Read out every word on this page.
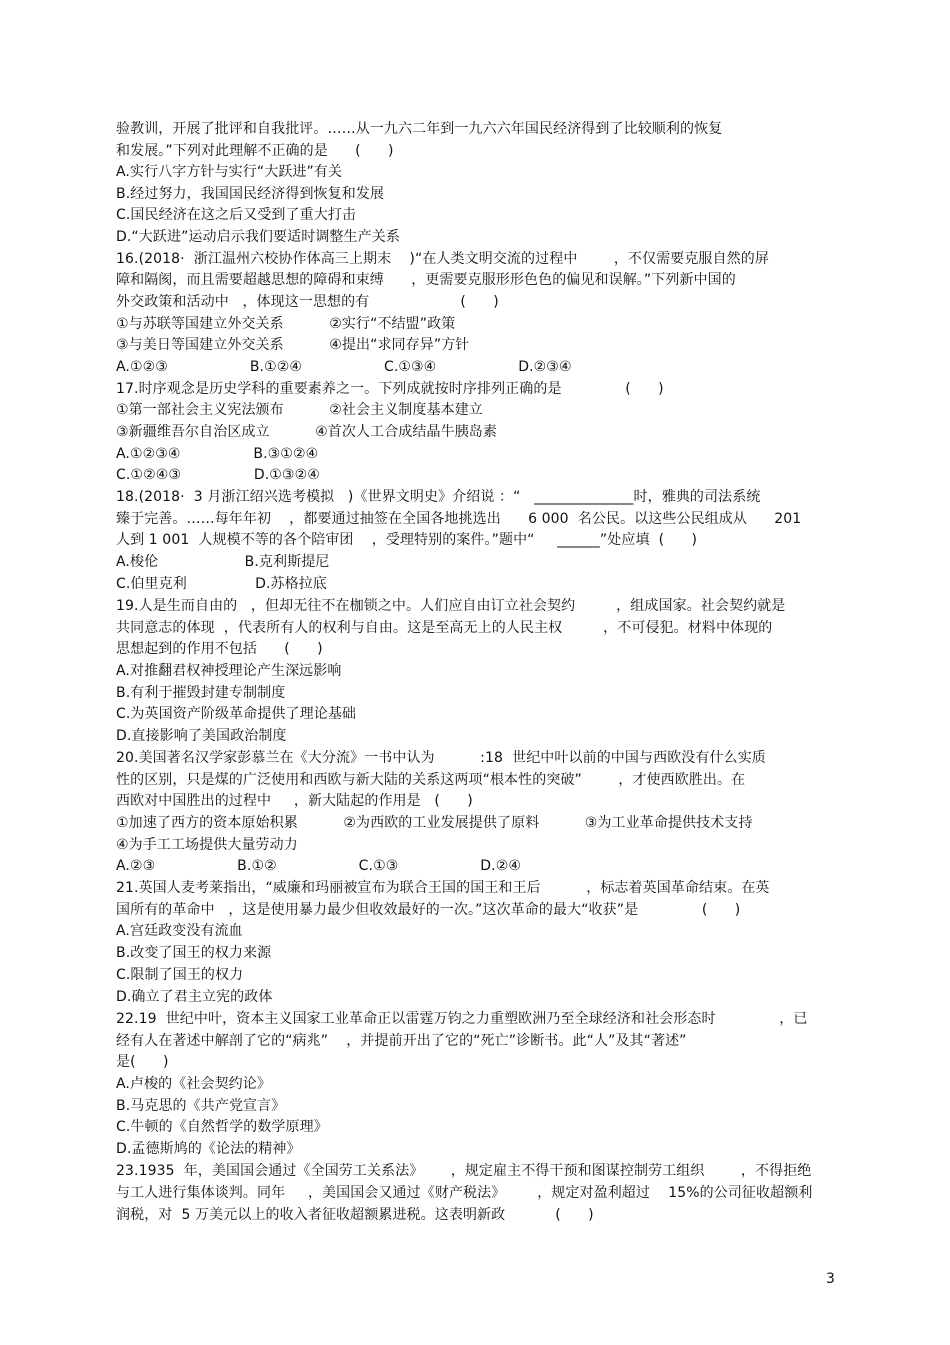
验教训，开展了批评和自我批评。……从一九六二年到一九六六年国民经济得到了比较顺利的恢复
和发展。”下列对此理解不正确的是      (      )
A.实行八字方针与实行“大跃进”有关
B.经过努力，我国国民经济得到恢复和发展
C.国民经济在这之后又受到了重大打击
D.“大跃进”运动启示我们要适时调整生产关系
16.(2018·  浙江温州六校协作体高三上期末    )“在人类文明交流的过程中        ，不仅需要克服自然的屏
障和隔阂，而且需要超越思想的障碍和束缚      ，更需要克服形形色色的偏见和误解。”下列新中国的
外交政策和活动中   ，体现这一思想的有                    (      )
①与苏联等国建立外交关系          ②实行“不结盟”政策
③与美日等国建立外交关系          ④提出“求同存异”方针
A.①②③                  B.①②④                  C.①③④                  D.②③④
17.时序观念是历史学科的重要素养之一。下列成就按时序排列正确的是              (      )
①第一部社会主义宪法颁布          ②社会主义制度基本建立
③新疆维吾尔自治区成立          ④首次人工合成结晶牛胰岛素
A.①②③④                B.③①②④
C.①②④③                D.①③②④
18.(2018·  3 月浙江绍兴选考模拟   )《世界文明史》介绍说 ：“   ______________时，雅典的司法系统
臻于完善。……每年年初    ，都要通过抽签在全国各地挑选出      6 000  名公民。以这些公民组成从      201
人到 1 001  人规模不等的各个陪审团    ，受理特别的案件。”题中“     ______”处应填  (      )
A.梭伦                   B.克利斯提尼
C.伯里克利               D.苏格拉底
19.人是生而自由的   ，但却无往不在枷锁之中。人们应自由订立社会契约         ，组成国家。社会契约就是
共同意志的体现  ，代表所有人的权利与自由。这是至高无上的人民主权         ，不可侵犯。材料中体现的
思想起到的作用不包括      (      )
A.对推翻君权神授理论产生深远影响
B.有利于摧毁封建专制制度
C.为英国资产阶级革命提供了理论基础
D.直接影响了美国政治制度
20.美国著名汉学家彭慕兰在《大分流》一书中认为          :18  世纪中叶以前的中国与西欧没有什么实质
性的区别，只是煤的广泛使用和西欧与新大陆的关系这两项“根本性的突破”        ，才使西欧胜出。在
西欧对中国胜出的过程中     ，新大陆起的作用是   (      )
①加速了西方的资本原始积累          ②为西欧的工业发展提供了原料          ③为工业革命提供技术支持
④为手工工场提供大量劳动力
A.②③                  B.①②                  C.①③                  D.②④
21.英国人麦考莱指出，“威廉和玛丽被宣布为联合王国的国王和王后          ，标志着英国革命结束。在英
国所有的革命中   ，这是使用暴力最少但收效最好的一次。”这次革命的最大“收获”是              (      )
A.宫廷政变没有流血
B.改变了国王的权力来源
C.限制了国王的权力
D.确立了君主立宪的政体
22.19  世纪中叶，资本主义国家工业革命正以雷霆万钧之力重塑欧洲乃至全球经济和社会形态时              ，已
经有人在著述中解剖了它的“病兆”    ，并提前开出了它的“死亡”诊断书。此“人”及其“著述”
是(      )
A.卢梭的《社会契约论》
B.马克思的《共产党宣言》
C.牛顿的《自然哲学的数学原理》
D.孟德斯鸠的《论法的精神》
23.1935  年，美国国会通过《全国劳工关系法》      ，规定雇主不得干预和图谋控制劳工组织        ，不得拒绝
与工人进行集体谈判。同年     ，美国国会又通过《财产税法》       ，规定对盈利超过    15%的公司征收超额利
润税，对  5 万美元以上的收入者征收超额累进税。这表明新政           (      )
3
